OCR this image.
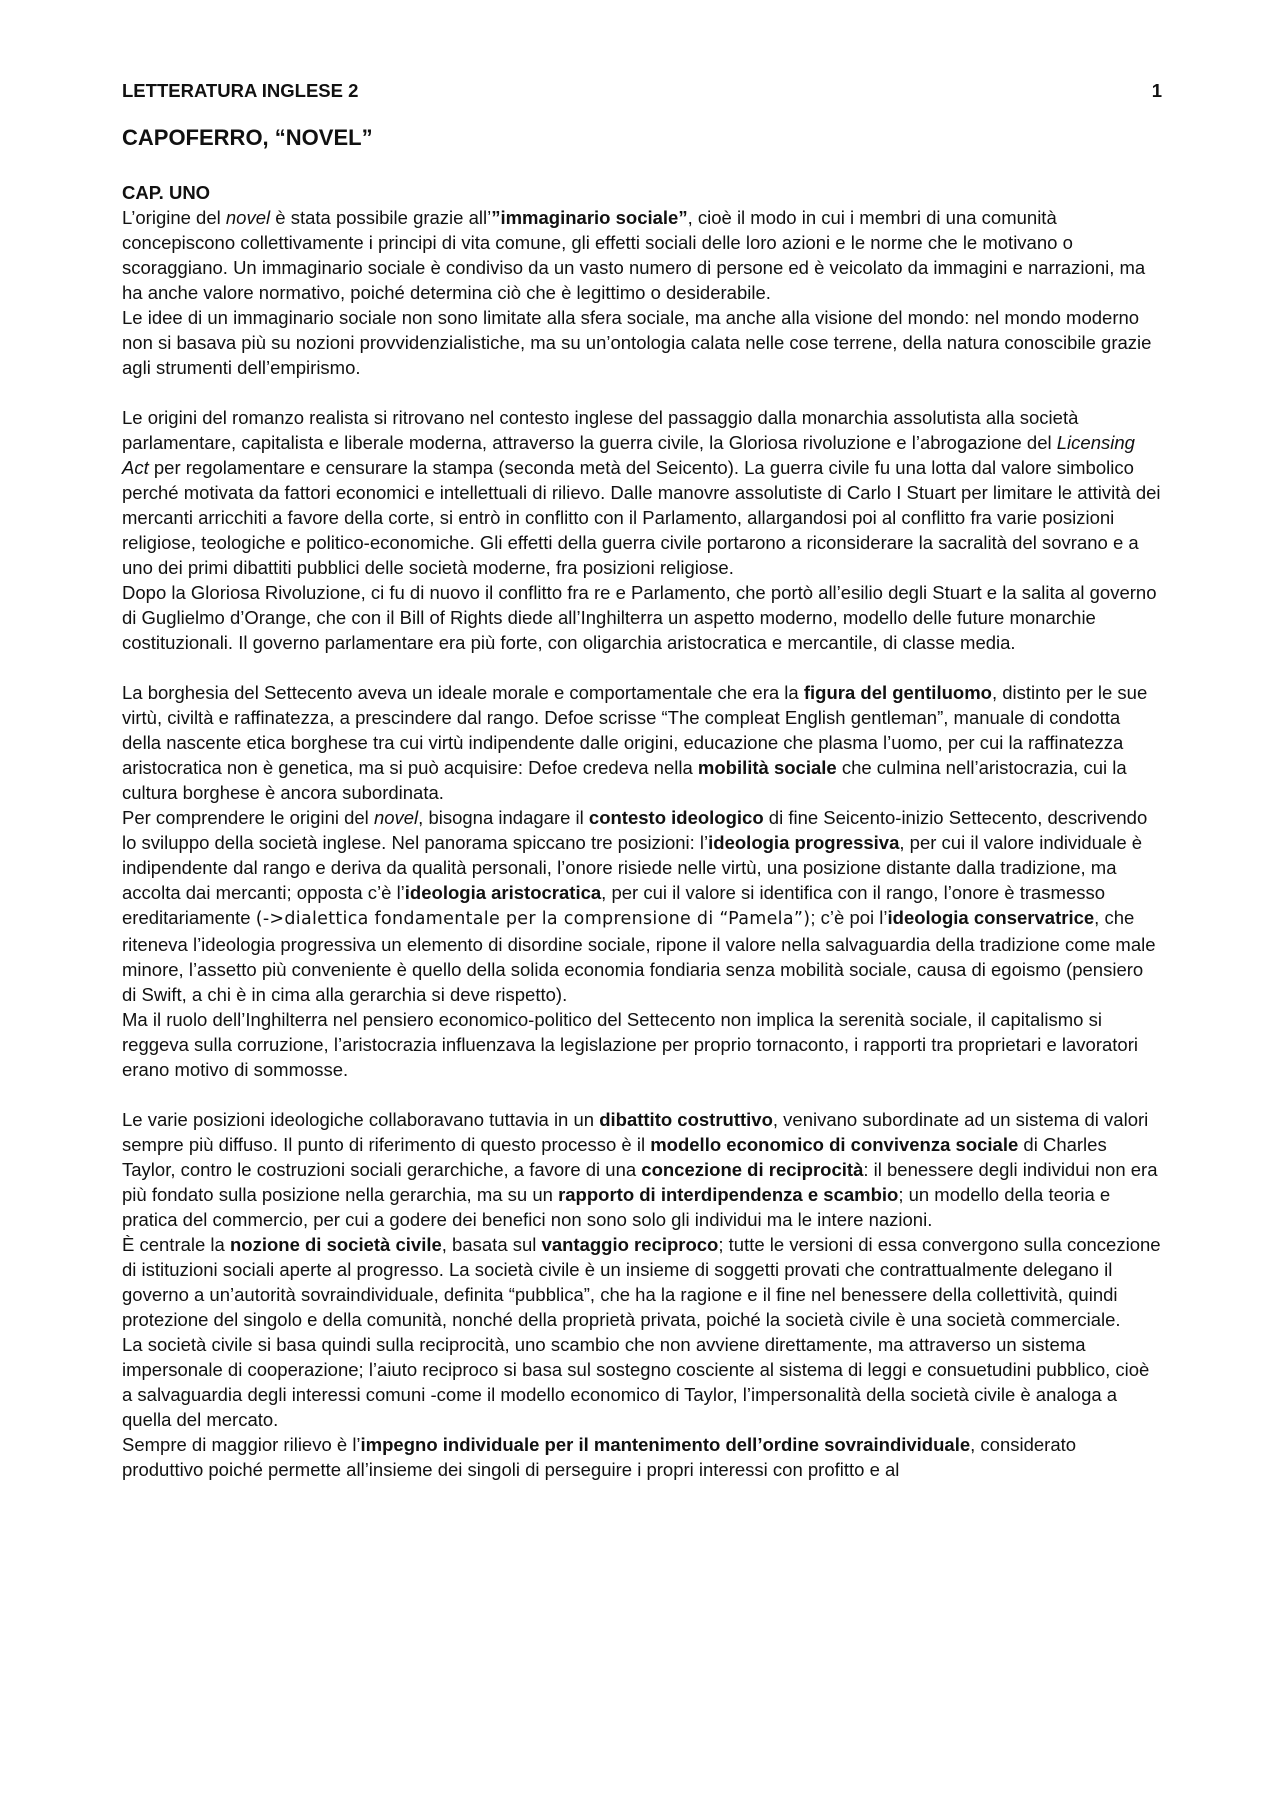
LETTERATURA INGLESE 2	1
CAPOFERRO, “NOVEL”
CAP. UNO

L’origine del novel è stata possibile grazie all’”immaginario sociale”, cioè il modo in cui i membri di una comunità concepiscono collettivamente i principi di vita comune, gli effetti sociali delle loro azioni e le norme che le motivano o scoraggiano. Un immaginario sociale è condiviso da un vasto numero di persone ed è veicolato da immagini e narrazioni, ma ha anche valore normativo, poiché determina ciò che è legittimo o desiderabile.

Le idee di un immaginario sociale non sono limitate alla sfera sociale, ma anche alla visione del mondo: nel mondo moderno non si basava più su nozioni provvidenzialistiche, ma su un’ontologia calata nelle cose terrene, della natura conoscibile grazie agli strumenti dell’empirismo.

Le origini del romanzo realista si ritrovano nel contesto inglese del passaggio dalla monarchia assolutista alla società parlamentare, capitalista e liberale moderna, attraverso la guerra civile, la Gloriosa rivoluzione e l’abrogazione del Licensing Act per regolamentare e censurare la stampa (seconda metà del Seicento). La guerra civile fu una lotta dal valore simbolico perché motivata da fattori economici e intellettuali di rilievo. Dalle manovre assolutiste di Carlo I Stuart per limitare le attività dei mercanti arricchiti a favore della corte, si entrò in conflitto con il Parlamento, allargandosi poi al conflitto fra varie posizioni religiose, teologiche e politico-economiche. Gli effetti della guerra civile portarono a riconsiderare la sacralità del sovrano e a uno dei primi dibattiti pubblici delle società moderne, fra posizioni religiose.

Dopo la Gloriosa Rivoluzione, ci fu di nuovo il conflitto fra re e Parlamento, che portò all’esilio degli Stuart e la salita al governo di Guglielmo d’Orange, che con il Bill of Rights diede all’Inghilterra un aspetto moderno, modello delle future monarchie costituzionali. Il governo parlamentare era più forte, con oligarchia aristocratica e mercantile, di classe media.

La borghesia del Settecento aveva un ideale morale e comportamentale che era la figura del gentiluomo, distinto per le sue virtù, civiltà e raffinatezza, a prescindere dal rango. Defoe scrisse “The compleat English gentleman”, manuale di condotta della nascente etica borghese tra cui virtù indipendente dalle origini, educazione che plasma l’uomo, per cui la raffinatezza aristocratica non è genetica, ma si può acquisire: Defoe credeva nella mobilità sociale che culmina nell’aristocrazia, cui la cultura borghese è ancora subordinata.

Per comprendere le origini del novel, bisogna indagare il contesto ideologico di fine Seicento-inizio Settecento, descrivendo lo sviluppo della società inglese. Nel panorama spiccano tre posizioni: l’ideologia progressiva, per cui il valore individuale è indipendente dal rango e deriva da qualità personali, l’onore risiede nelle virtù, una posizione distante dalla tradizione, ma accolta dai mercanti; opposta c’è l’ideologia aristocratica, per cui il valore si identifica con il rango, l’onore è trasmesso ereditariamente (->dialettica fondamentale per la comprensione di “Pamela”); c’è poi l’ideologia conservatrice, che riteneva l’ideologia progressiva un elemento di disordine sociale, ripone il valore nella salvaguardia della tradizione come male minore, l’assetto più conveniente è quello della solida economia fondiaria senza mobilità sociale, causa di egoismo (pensiero di Swift, a chi è in cima alla gerarchia si deve rispetto).

Ma il ruolo dell’Inghilterra nel pensiero economico-politico del Settecento non implica la serenità sociale, il capitalismo si reggeva sulla corruzione, l’aristocrazia influenzava la legislazione per proprio tornaconto, i rapporti tra proprietari e lavoratori erano motivo di sommosse.

Le varie posizioni ideologiche collaboravano tuttavia in un dibattito costruttivo, venivano subordinate ad un sistema di valori sempre più diffuso. Il punto di riferimento di questo processo è il modello economico di convivenza sociale di Charles Taylor, contro le costruzioni sociali gerarchiche, a favore di una concezione di reciprocità: il benessere degli individui non era più fondato sulla posizione nella gerarchia, ma su un rapporto di interdipendenza e scambio; un modello della teoria e pratica del commercio, per cui a godere dei benefici non sono solo gli individui ma le intere nazioni.

È centrale la nozione di società civile, basata sul vantaggio reciproco; tutte le versioni di essa convergono sulla concezione di istituzioni sociali aperte al progresso. La società civile è un insieme di soggetti provati che contrattualmente delegano il governo a un’autorità sovraindividuale, definita “pubblica”, che ha la ragione e il fine nel benessere della collettività, quindi protezione del singolo e della comunità, nonché della proprietà privata, poiché la società civile è una società commerciale.

La società civile si basa quindi sulla reciprocità, uno scambio che non avviene direttamente, ma attraverso un sistema impersonale di cooperazione; l’aiuto reciproco si basa sul sostegno cosciente al sistema di leggi e consuetudini pubblico, cioè a salvaguardia degli interessi comuni -come il modello economico di Taylor, l’impersonalità della società civile è analoga a quella del mercato.

Sempre di maggior rilievo è l’impegno individuale per il mantenimento dell’ordine sovraindividuale, considerato produttivo poiché permette all’insieme dei singoli di perseguire i propri interessi con profitto e al
